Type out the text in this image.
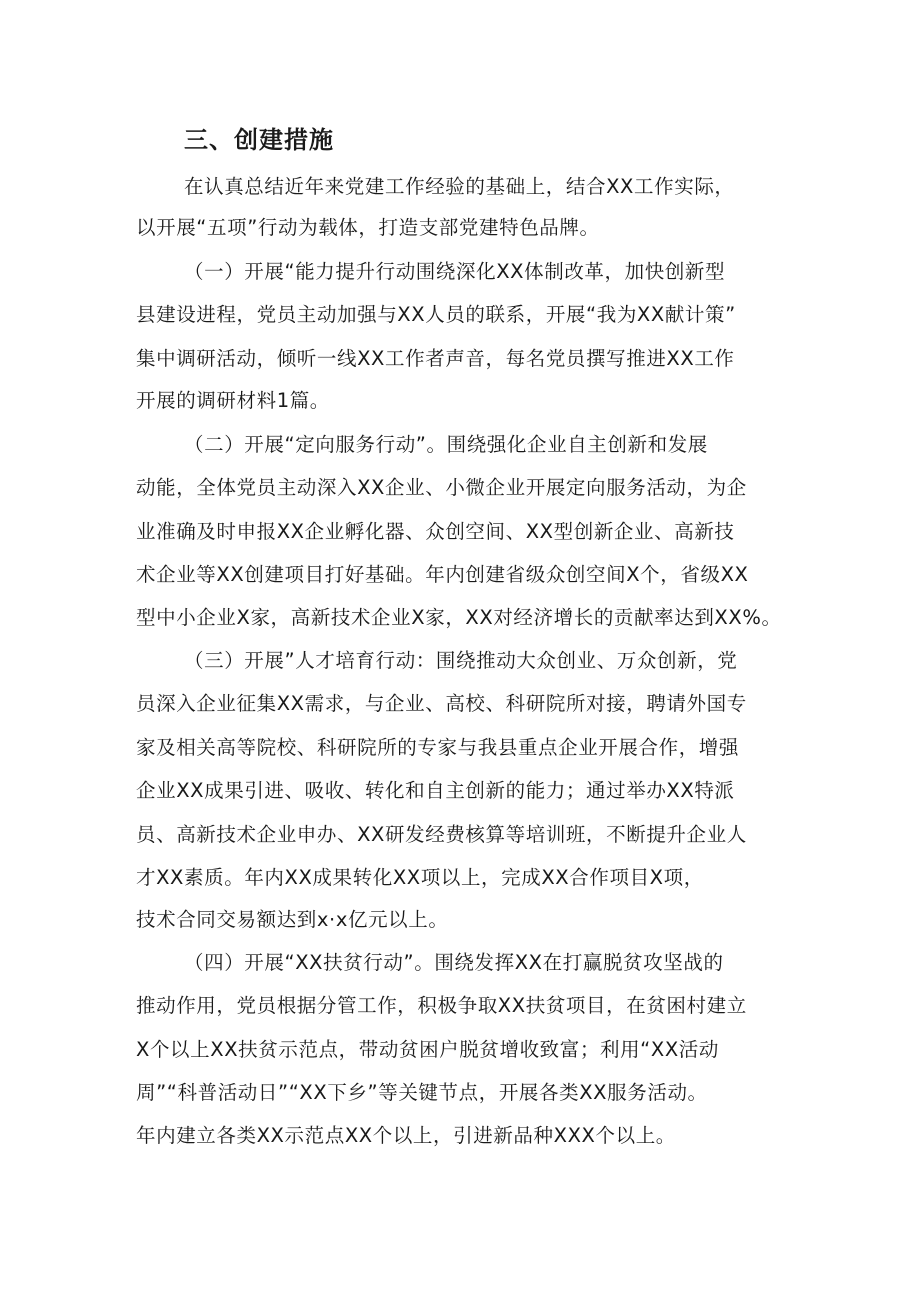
三、创建措施

在认真总结近年来党建工作经验的基础上，结合XX工作实际，

以开展“五项”行动为载体，打造支部党建特色品牌。

（一）开展“能力提升行动围绕深化XX体制改革，加快创新型

县建设进程，党员主动加强与XX人员的联系，开展“我为XX献计策”

集中调研活动，倾听一线XX工作者声音，每名党员撰写推进XX工作

开展的调研材料1篇。

（二）开展“定向服务行动”。围绕强化企业自主创新和发展

动能，全体党员主动深入XX企业、小微企业开展定向服务活动，为企

业准确及时申报XX企业孵化器、众创空间、XX型创新企业、高新技

术企业等XX创建项目打好基础。年内创建省级众创空间X个，省级XX

型中小企业X家，高新技术企业X家，XX对经济增长的贡献率达到XX%。

（三）开展”人才培育行动：围绕推动大众创业、万众创新，党

员深入企业征集XX需求，与企业、高校、科研院所对接，聘请外国专

家及相关高等院校、科研院所的专家与我县重点企业开展合作，增强

企业XX成果引进、吸收、转化和自主创新的能力；通过举办XX特派

员、高新技术企业申办、XX研发经费核算等培训班，不断提升企业人

才XX素质。年内XX成果转化XX项以上，完成XX合作项目X项，

技术合同交易额达到x·x亿元以上。

（四）开展“XX扶贫行动”。围绕发挥XX在打赢脱贫攻坚战的

推动作用，党员根据分管工作，积极争取XX扶贫项目，在贫困村建立

X个以上XX扶贫示范点，带动贫困户脱贫增收致富；利用“XX活动

周”“科普活动日”“XX下乡”等关键节点，开展各类XX服务活动。

年内建立各类XX示范点XX个以上，引进新品种XXX个以上。
